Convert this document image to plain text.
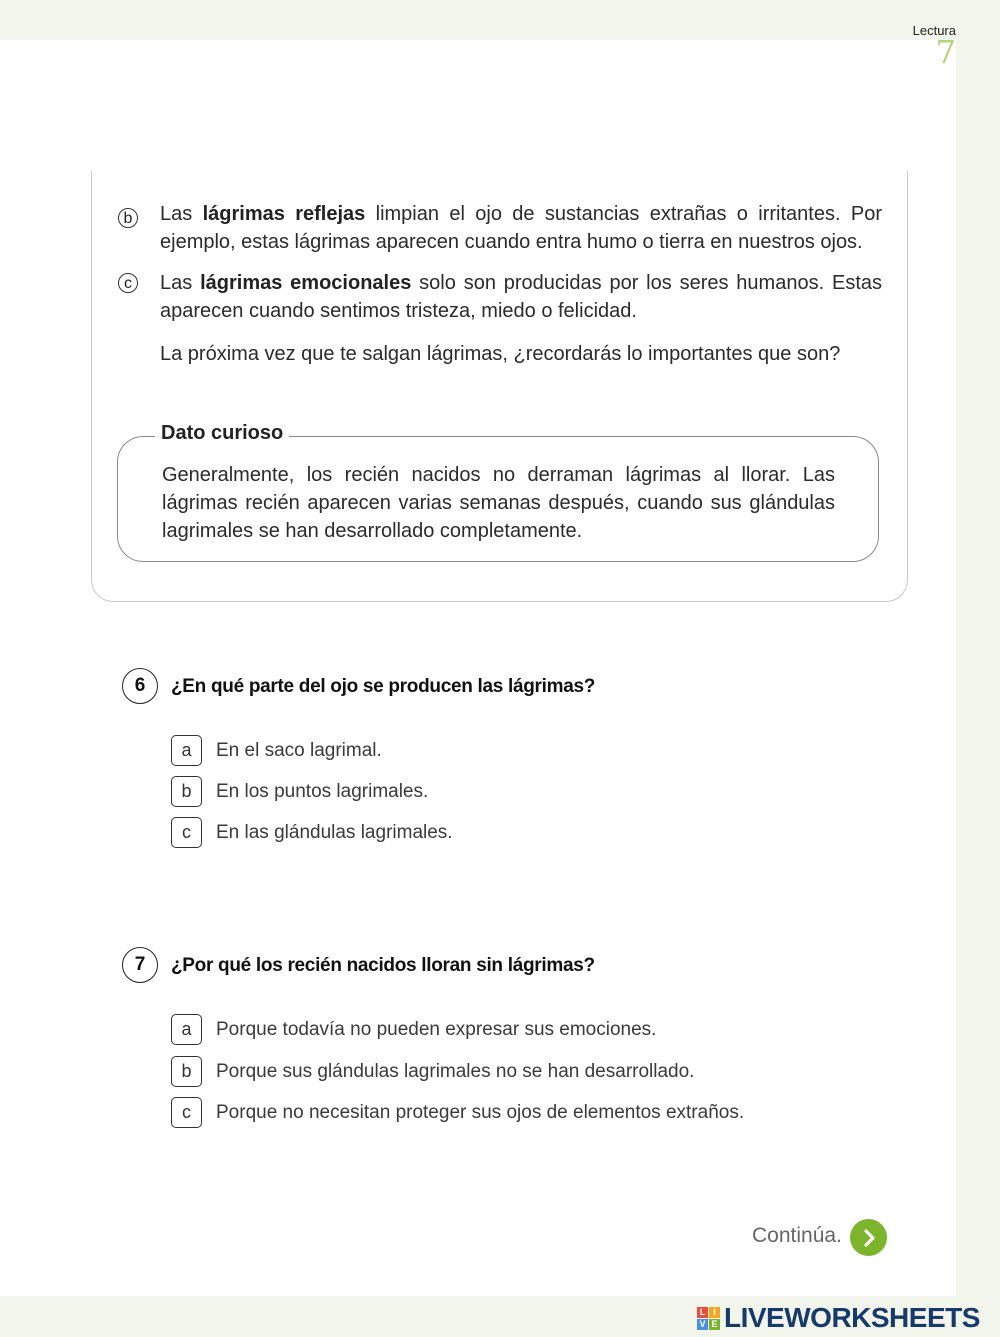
Lectura
7
b Las lágrimas reflejas limpian el ojo de sustancias extrañas o irritantes. Por ejemplo, estas lágrimas aparecen cuando entra humo o tierra en nuestros ojos.
c	Las lágrimas emocionales solo son producidas por los seres humanos. Estas aparecen cuando sentimos tristeza, miedo o felicidad.
La próxima vez que te salgan lágrimas, ¿recordarás lo importantes que son?
Dato curioso
Generalmente, los recién nacidos no derraman lágrimas al llorar. Las lágrimas recién aparecen varias semanas después, cuando sus glándulas lagrimales se han desarrollado completamente.
6	¿En qué parte del ojo se producen las lágrimas?
a	En el saco lagrimal.
b	En los puntos lagrimales.
c	En las glándulas lagrimales.
7	¿Por qué los recién nacidos lloran sin lágrimas?
a	Porque todavía no pueden expresar sus emociones.
b	Porque sus glándulas lagrimales no se han desarrollado.
c	Porque no necesitan proteger sus ojos de elementos extraños.
Continúa.
L I
V E LIVEWORKSHEETS
